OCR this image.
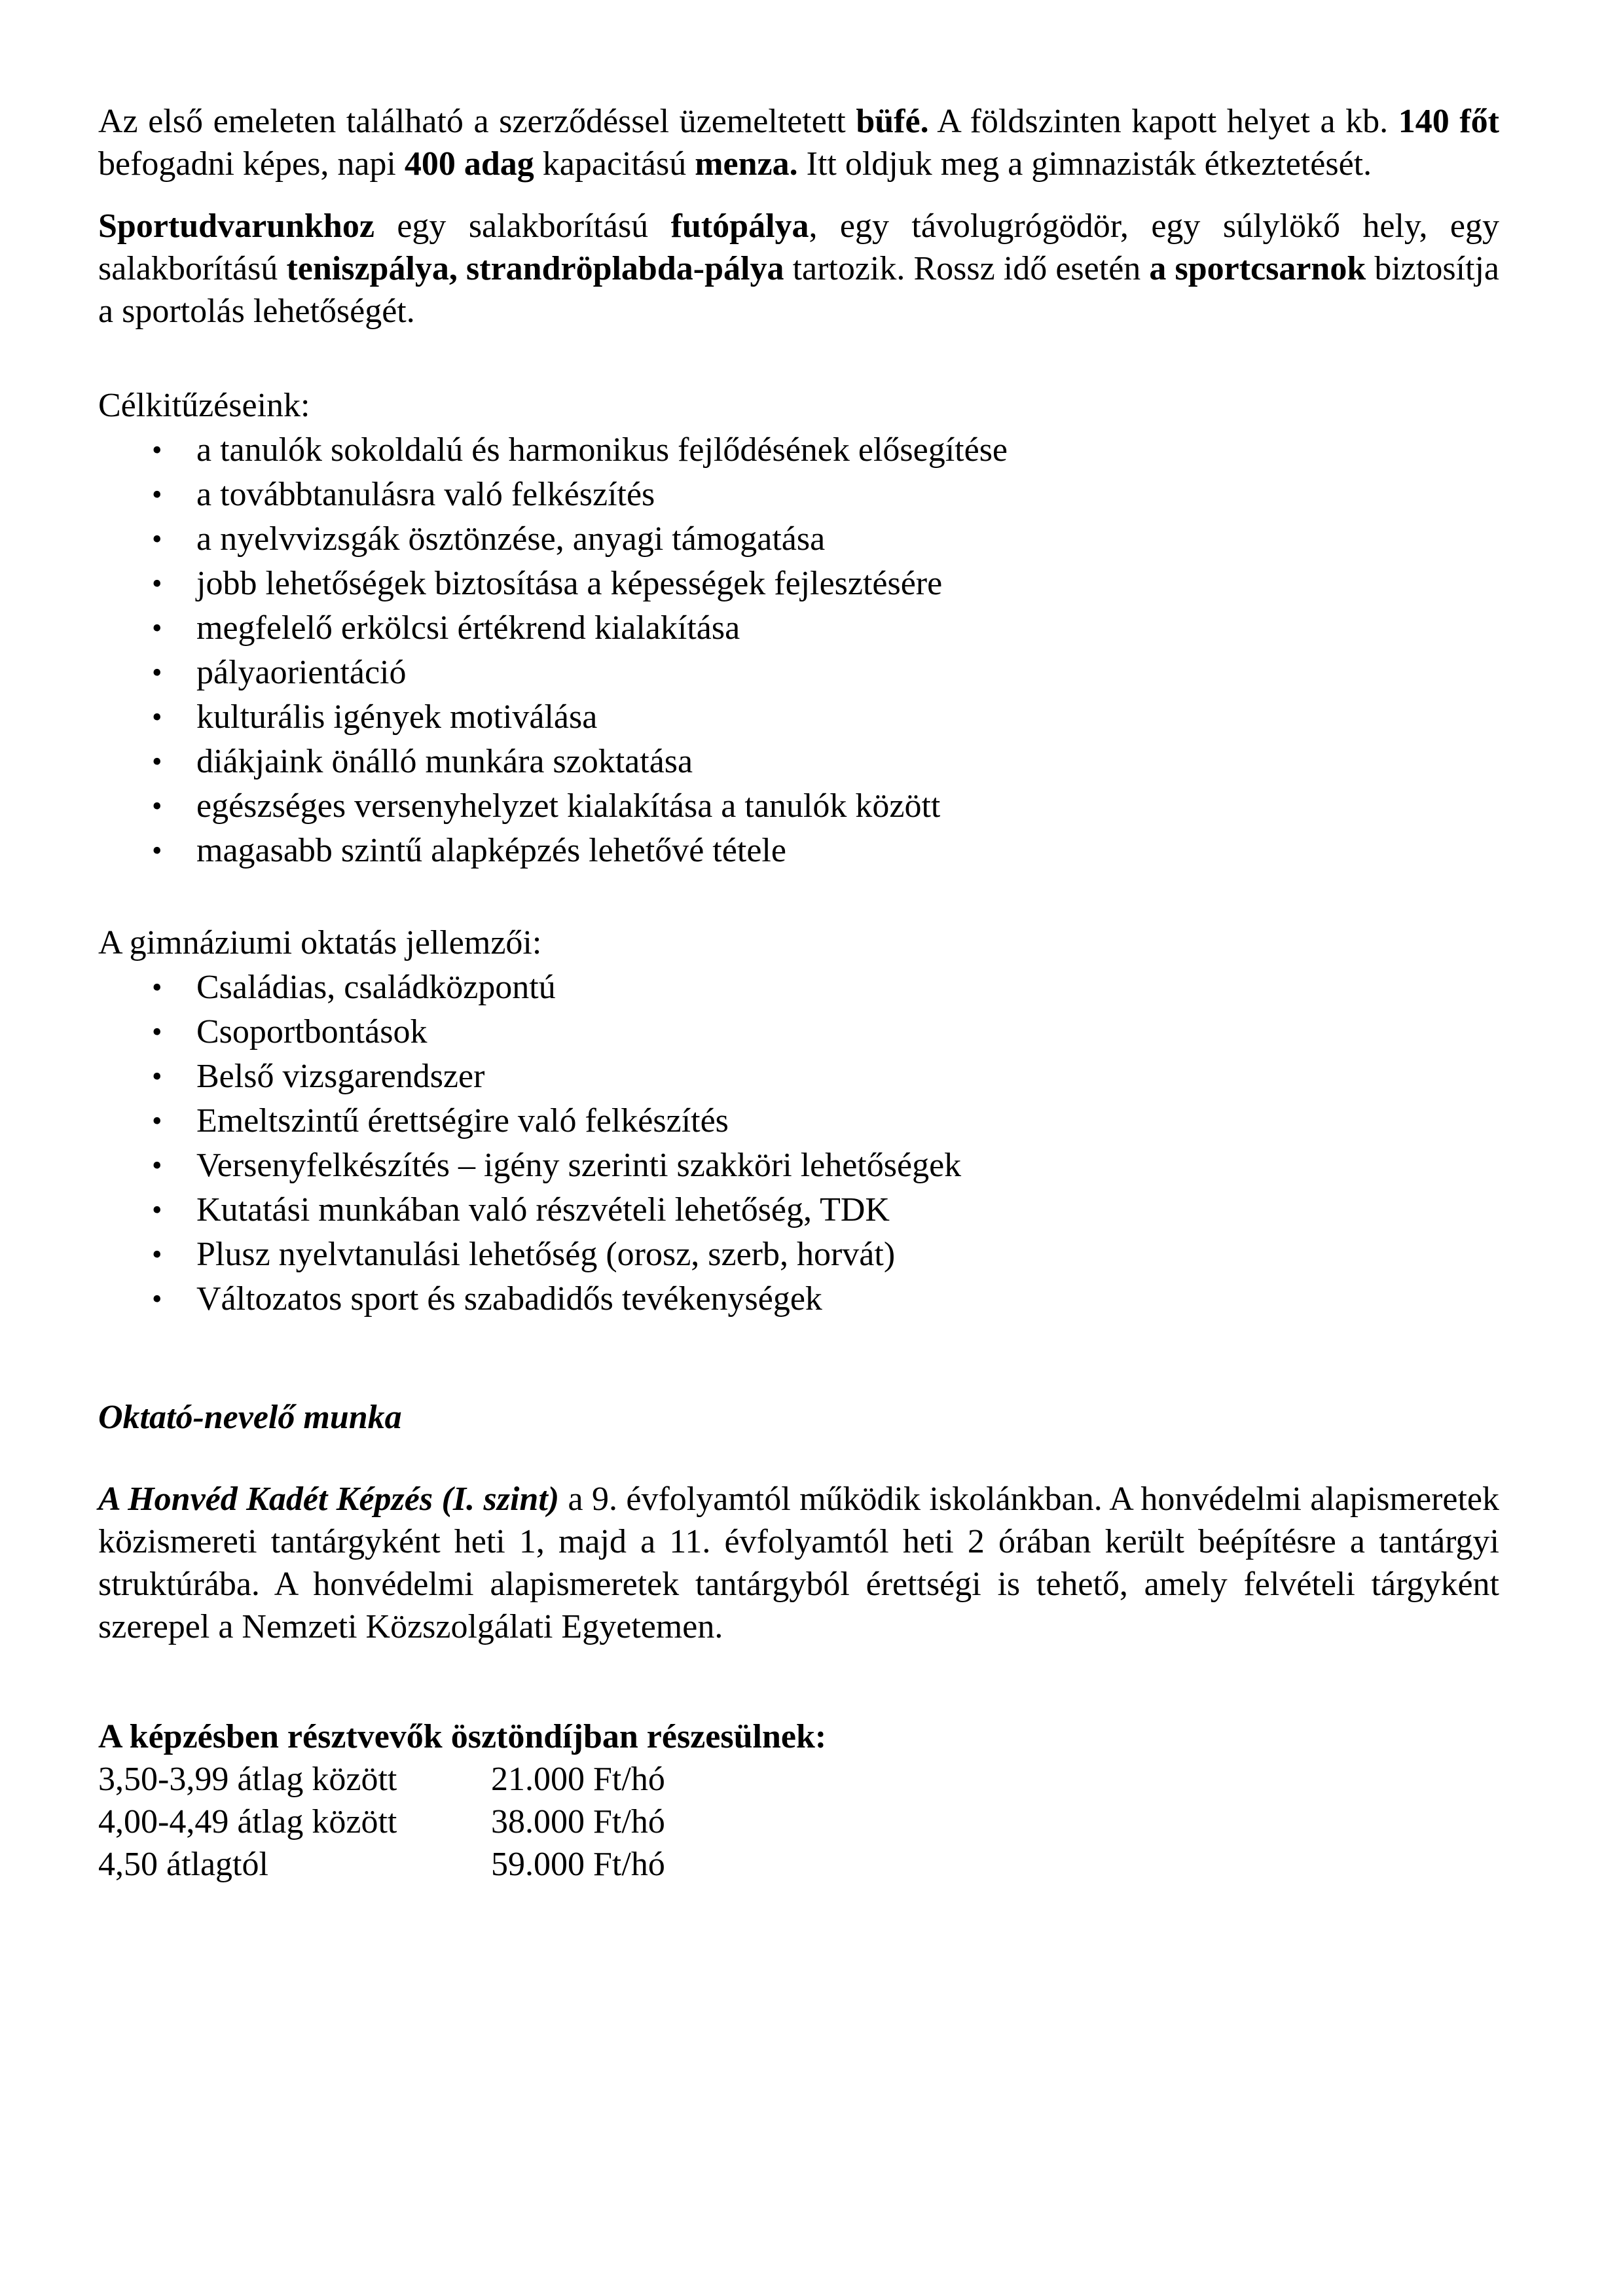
Az első emeleten található a szerződéssel üzemeltetett büfé. A földszinten kapott helyet a kb. 140 főt befogadni képes, napi 400 adag kapacitású menza. Itt oldjuk meg a gimnazisták étkeztetését.

Sportudvarunkhoz egy salakborítású futópálya, egy távolugrógödör, egy súlylökő hely, egy salakborítású teniszpálya, strandröplabda-pálya tartozik. Rossz idő esetén a sportcsarnok biztosítja a sportolás lehetőségét.

Célkitűzéseink:

• a tanulók sokoldalú és harmonikus fejlődésének elősegítése
• a továbbtanulásra való felkészítés
• a nyelvvizsgák ösztönzése, anyagi támogatása
• jobb lehetőségek biztosítása a képességek fejlesztésére
• megfelelő erkölcsi értékrend kialakítása
• pályaorientáció
• kulturális igények motiválása
• diákjaink önálló munkára szoktatása
• egészséges versenyhelyzet kialakítása a tanulók között
• magasabb szintű alapképzés lehetővé tétele

A gimnáziumi oktatás jellemzői:

• Családias, családközpontú
• Csoportbontások
• Belső vizsgarendszer
• Emeltszintű érettségire való felkészítés
• Versenyfelkészítés – igény szerinti szakköri lehetőségek
• Kutatási munkában való részvételi lehetőség, TDK
• Plusz nyelvtanulási lehetőség (orosz, szerb, horvát)
• Változatos sport és szabadidős tevékenységek
Oktató-nevelő munka

A Honvéd Kadét Képzés (I. szint) a 9. évfolyamtól működik iskolánkban. A honvédelmi alapismeretek közismereti tantárgyként heti 1, majd a 11. évfolyamtól heti 2 órában került beépítésre a tantárgyi struktúrába. A honvédelmi alapismeretek tantárgyból érettségi is tehető, amely felvételi tárgyként szerepel a Nemzeti Közszolgálati Egyetemen.

A képzésben résztvevők ösztöndíjban részesülnek:

3,50-3,99 átlag között	21.000 Ft/hó
4,00-4,49 átlag között	38.000 Ft/hó
4,50 átlagtól	59.000 Ft/hó
